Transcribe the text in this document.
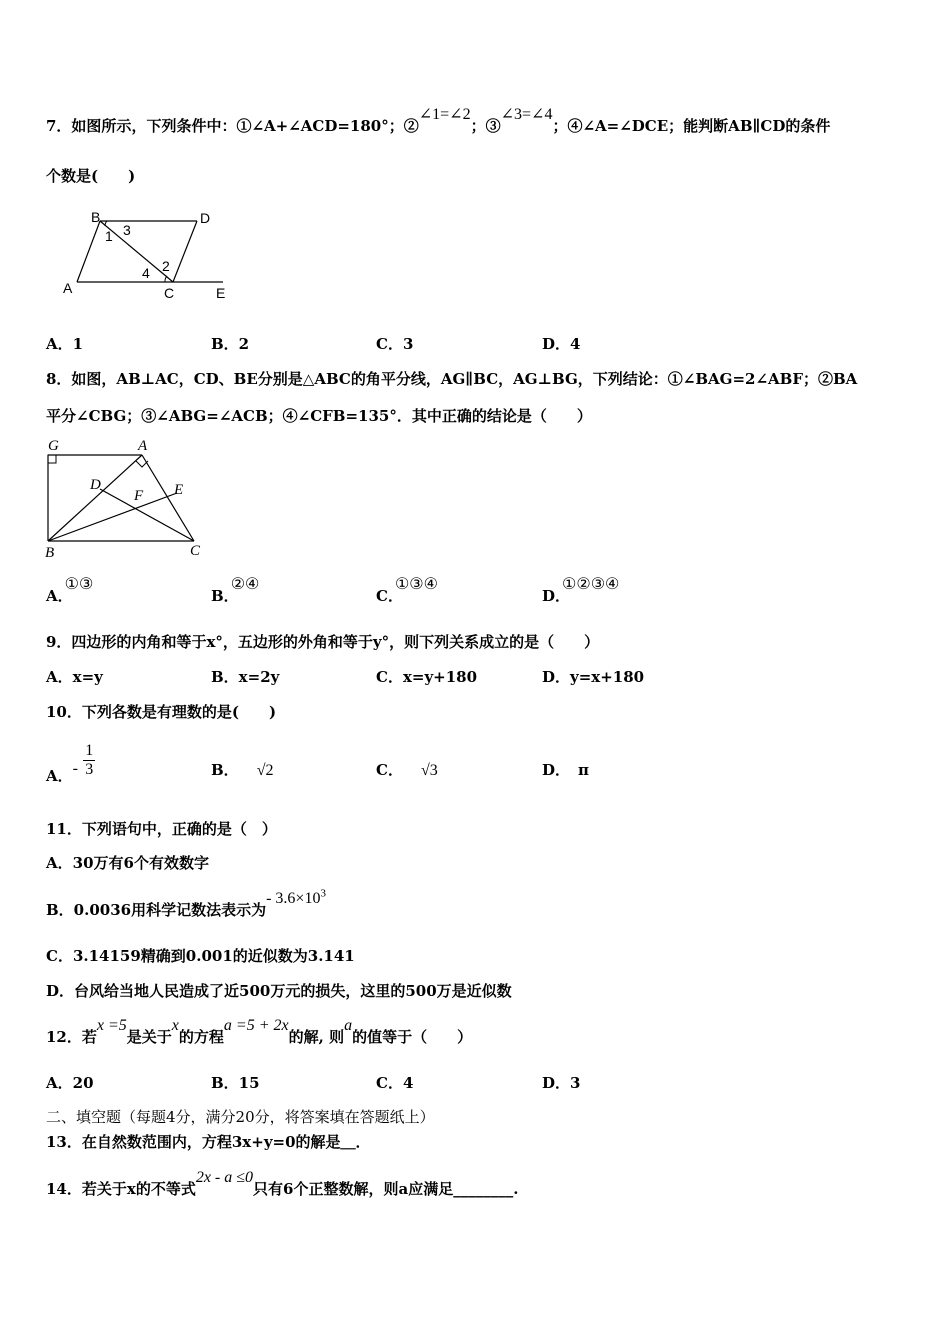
7．如图所示，下列条件中：①∠A+∠ACD=180°；②∠1=∠2；③∠3=∠4；④∠A=∠DCE；能判断AB∥CD的条件
个数是(　　)
B	D
A	C	E
1 3
4 2
A．1	B．2	C．3	D．4
8．如图，AB⊥AC，CD、BE分别是△ABC的角平分线，AG∥BC，AG⊥BG，下列结论：①∠BAG=2∠ABF；②BA
平分∠CBG；③∠ABG=∠ACB；④∠CFB=135°．其中正确的结论是（　　）
G	A
D
F E
B	C
A．①③
B．②④
C．①③④
D．①②③④
9．四边形的内角和等于x°，五边形的外角和等于y°，则下列关系成立的是（　　）
A．x=y	B．x=2y	C．x=y+180	D．y=x+180
10．下列各数是有理数的是(　　)
A．- $\frac{1}{3}$	B． √2	C． √3	D． π
11．下列语句中，正确的是（　）
A．30万有6个有效数字
B．0.0036用科学记数法表示为- $3.6\times 10^3$
C．3.14159精确到0.001的近似数为3.141
D．台风给当地人民造成了近500万元的损失，这里的500万是近似数
12．若x =5是关于x的方程a =5 + 2x的解, 则a的值等于（　　）
A．20	B．15	C．4	D．3
二、填空题（每题4分，满分20分，将答案填在答题纸上）
13．在自然数范围内，方程3x+y=0的解是＿．
14．若关于x的不等式2x - a ≤0只有6个正整数解，则a应满足________.
